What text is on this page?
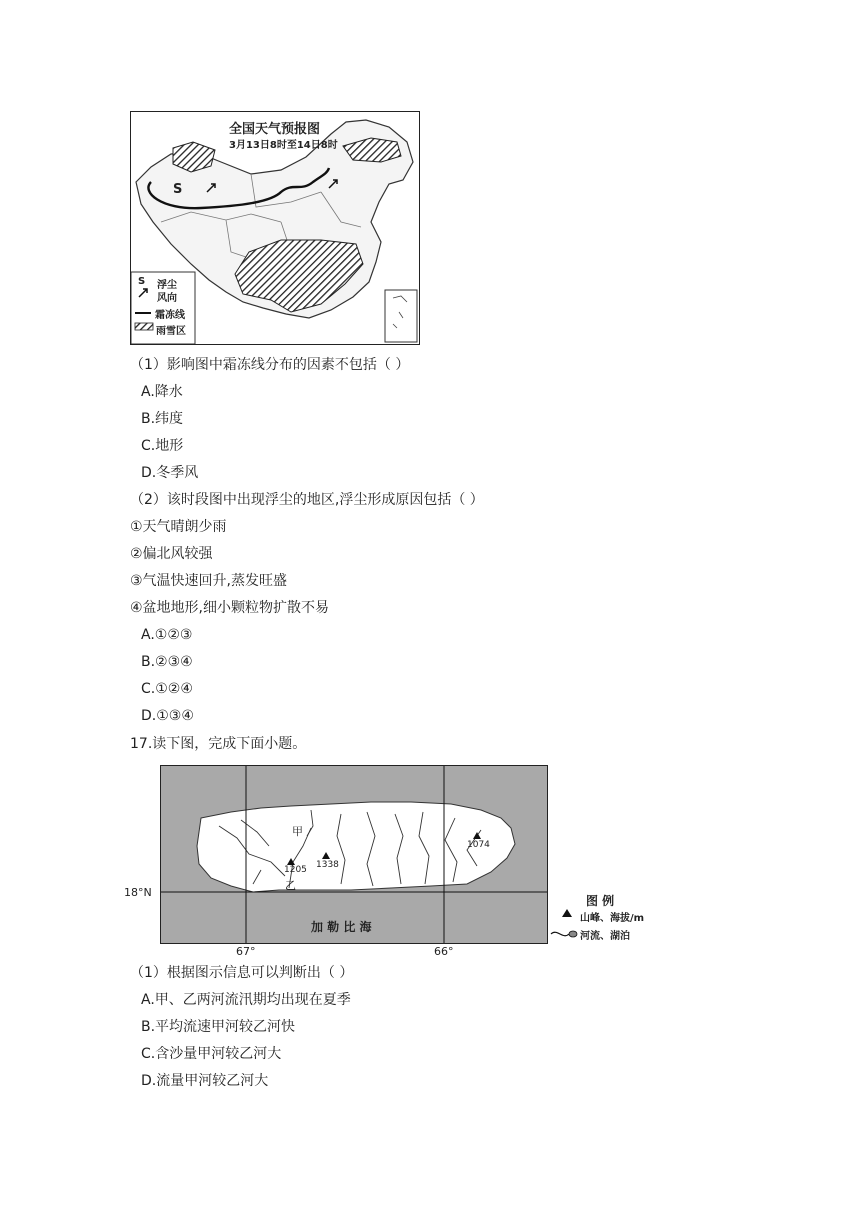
全国天气预报图
3月13日8时至14日8时
S
S 浮尘
风向
霜冻线
雨雪区
（1）影响图中霜冻线分布的因素不包括（ ）
A.降水
B.纬度
C.地形
D.冬季风
（2）该时段图中出现浮尘的地区,浮尘形成原因包括（ ）
①天气晴朗少雨
②偏北风较强
③气温快速回升,蒸发旺盛
④盆地地形,细小颗粒物扩散不易
A.①②③
B.②③④
C.①②④
D.①③④
17.读下图，完成下面小题。
甲
乙
1205 1338
1074
加 勒 比 海
18°N
67°	66°
图 例
山峰、海拔/m
河流、湖泊
（1）根据图示信息可以判断出（ ）
A.甲、乙两河流汛期均出现在夏季
B.平均流速甲河较乙河快
C.含沙量甲河较乙河大
D.流量甲河较乙河大
